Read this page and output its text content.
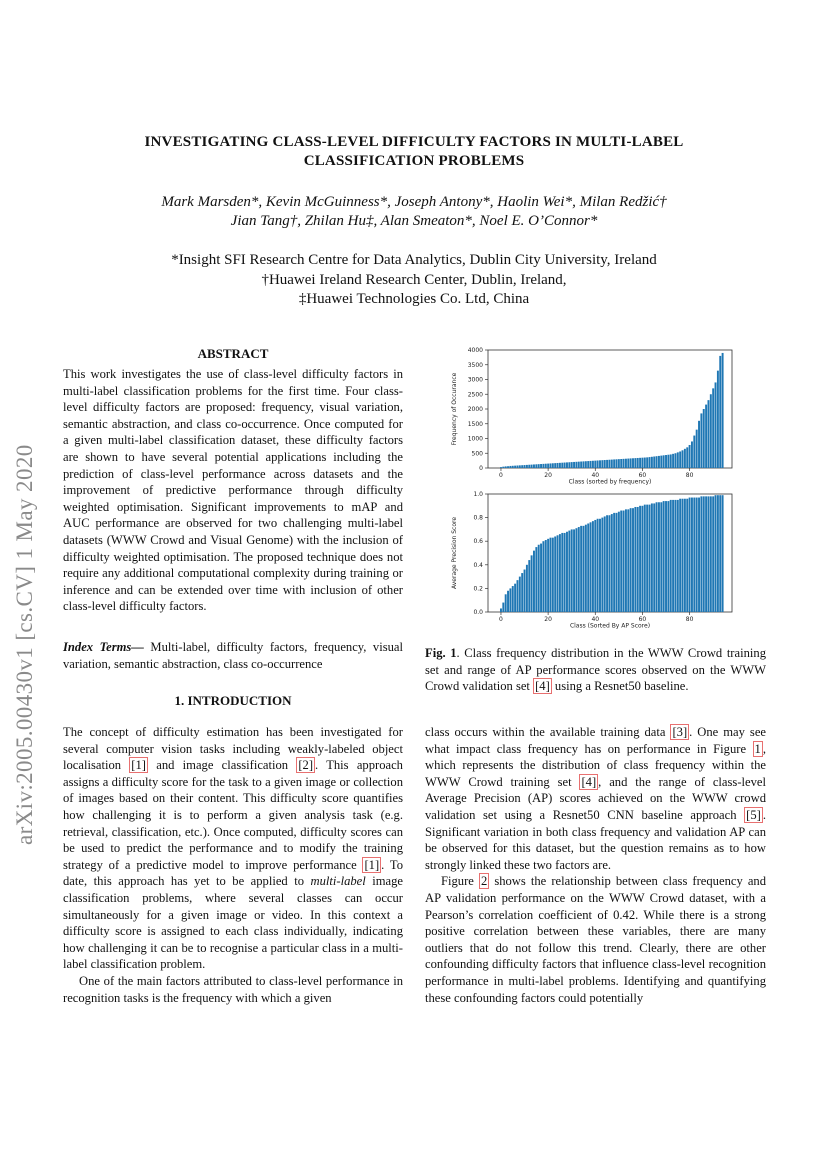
INVESTIGATING CLASS-LEVEL DIFFICULTY FACTORS IN MULTI-LABEL
CLASSIFICATION PROBLEMS
Mark Marsden*, Kevin McGuinness*, Joseph Antony*, Haolin Wei*, Milan Redžić†
Jian Tang†, Zhilan Hu‡, Alan Smeaton*, Noel E. O’Connor*
*Insight SFI Research Centre for Data Analytics, Dublin City University, Ireland
†Huawei Ireland Research Center, Dublin, Ireland,
‡Huawei Technologies Co. Ltd, China
arXiv:2005.00430v1 [cs.CV] 1 May 2020
ABSTRACT
This work investigates the use of class-level difficulty factors in multi-label classification problems for the first time. Four class-level difficulty factors are proposed: frequency, visual variation, semantic abstraction, and class co-occurrence. Once computed for a given multi-label classification dataset, these difficulty factors are shown to have several potential applications including the prediction of class-level performance across datasets and the improvement of predictive performance through difficulty weighted optimisation. Significant improvements to mAP and AUC performance are observed for two challenging multi-label datasets (WWW Crowd and Visual Genome) with the inclusion of difficulty weighted optimisation. The proposed technique does not require any additional computational complexity during training or inference and can be extended over time with inclusion of other class-level difficulty factors.
Index Terms— Multi-label, difficulty factors, frequency, visual variation, semantic abstraction, class co-occurrence
1. INTRODUCTION
The concept of difficulty estimation has been investigated for several computer vision tasks including weakly-labeled object localisation [1] and image classification [2] . This approach assigns a difficulty score for the task to a given image or collection of images based on their content. This difficulty score quantifies how challenging it is to perform a given analysis task (e.g. retrieval, classification, etc.). Once computed, difficulty scores can be used to predict the performance and to modify the training strategy of a predictive model to improve performance [1] . To date, this approach has yet to be applied to multi-label image classification problems, where several classes can occur simultaneously for a given image or video. In this context a difficulty score is assigned to each class individually, indicating how challenging it can be to recognise a particular class in a multi-label classification problem.
One of the main factors attributed to class-level performance in recognition tasks is the frequency with which a given
class occurs within the available training data [3] . One may see what impact class frequency has on performance in Figure 1 , which represents the distribution of class frequency within the WWW Crowd training set [4] , and the range of class-level Average Precision (AP) scores achieved on the WWW crowd validation set using a Resnet50 CNN baseline approach [5] . Significant variation in both class frequency and validation AP can be observed for this dataset, but the question remains as to how strongly linked these two factors are.
Figure 2 shows the relationship between class frequency and AP validation performance on the WWW Crowd dataset, with a Pearson’s correlation coefficient of 0.42. While there is a strong positive correlation between these variables, there are many outliers that do not follow this trend. Clearly, there are other confounding difficulty factors that influence class-level recognition performance in multi-label problems. Identifying and quantifying these confounding factors could potentially
0
500
1000
1500
2000
2500
3000
3500
4000
0	20	40	60	80
Class (sorted by frequency)
Frequency of Occurance
0.0
0.2
0.4
0.6
0.8
1.0
0	20	40	60	80
Class (Sorted By AP Score)
Average Precision Score
Fig. 1. Class frequency distribution in the WWW Crowd training set and range of AP performance scores observed on the WWW Crowd validation set [4] using a Resnet50 baseline.
